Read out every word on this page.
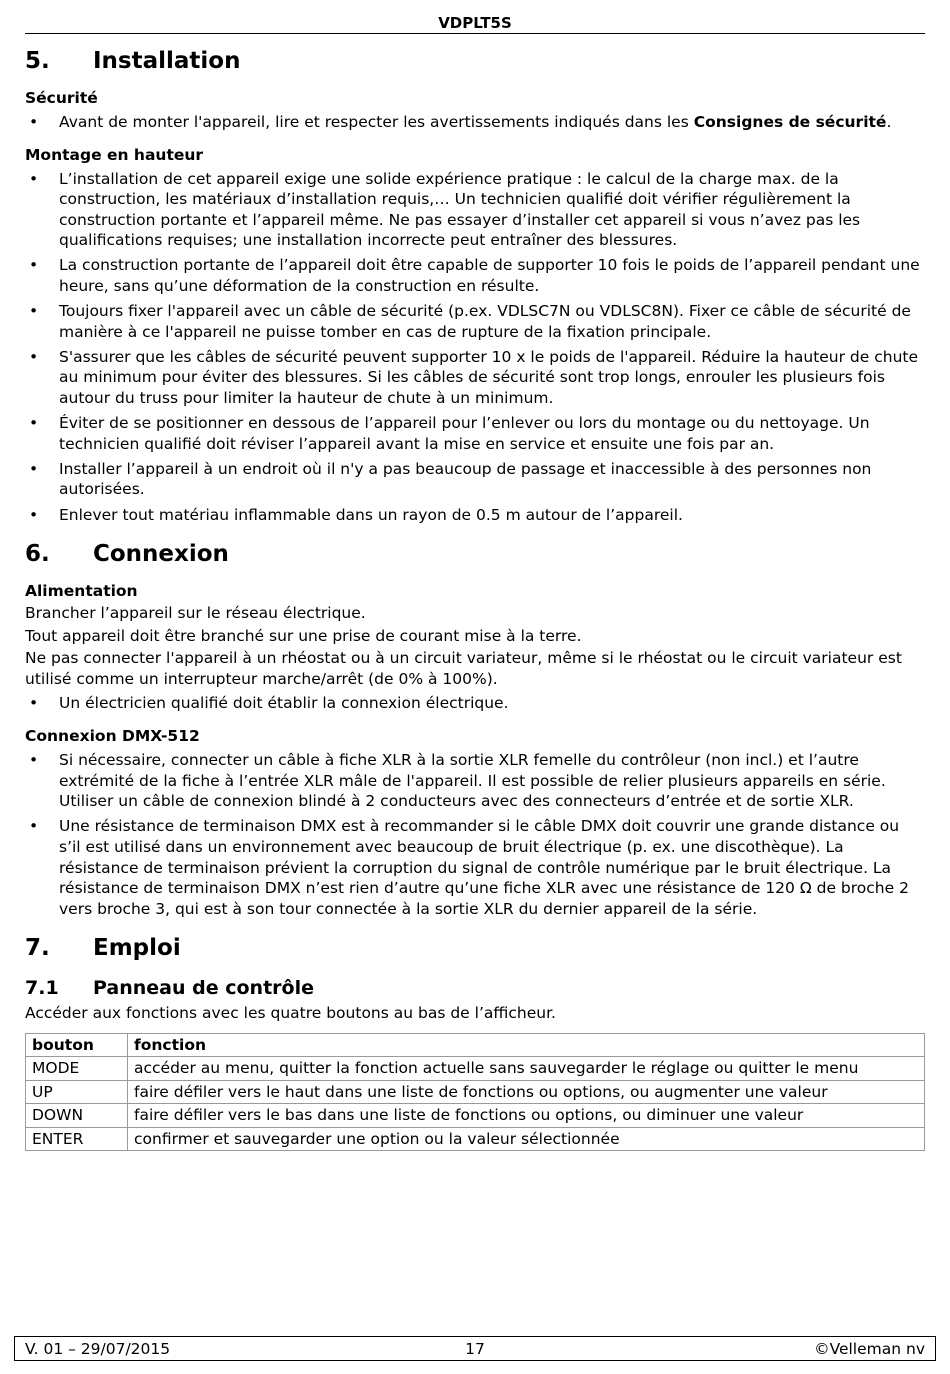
VDPLT5S
5. Installation
Sécurité
• Avant de monter l'appareil, lire et respecter les avertissements indiqués dans les Consignes de sécurité.
Montage en hauteur
• L’installation de cet appareil exige une solide expérience pratique : le calcul de la charge max. de la construction, les matériaux d’installation requis,… Un technicien qualifié doit vérifier régulièrement la construction portante et l’appareil même. Ne pas essayer d’installer cet appareil si vous n’avez pas les qualifications requises; une installation incorrecte peut entraîner des blessures.
• La construction portante de l’appareil doit être capable de supporter 10 fois le poids de l’appareil pendant une heure, sans qu’une déformation de la construction en résulte.
• Toujours fixer l'appareil avec un câble de sécurité (p.ex. VDLSC7N ou VDLSC8N). Fixer ce câble de sécurité de manière à ce l'appareil ne puisse tomber en cas de rupture de la fixation principale.
• S'assurer que les câbles de sécurité peuvent supporter 10 x le poids de l'appareil. Réduire la hauteur de chute au minimum pour éviter des blessures. Si les câbles de sécurité sont trop longs, enrouler les plusieurs fois autour du truss pour limiter la hauteur de chute à un minimum.
• Éviter de se positionner en dessous de l’appareil pour l’enlever ou lors du montage ou du nettoyage. Un technicien qualifié doit réviser l’appareil avant la mise en service et ensuite une fois par an.
• Installer l’appareil à un endroit où il n'y a pas beaucoup de passage et inaccessible à des personnes non autorisées.
• Enlever tout matériau inflammable dans un rayon de 0.5 m autour de l’appareil.
6. Connexion
Alimentation

Brancher l’appareil sur le réseau électrique.

Tout appareil doit être branché sur une prise de courant mise à la terre.

Ne pas connecter l'appareil à un rhéostat ou à un circuit variateur, même si le rhéostat ou le circuit variateur est utilisé comme un interrupteur marche/arrêt (de 0% à 100%).

• Un électricien qualifié doit établir la connexion électrique.
Connexion DMX-512
• Si nécessaire, connecter un câble à fiche XLR à la sortie XLR femelle du contrôleur (non incl.) et l’autre extrémité de la fiche à l’entrée XLR mâle de l'appareil. Il est possible de relier plusieurs appareils en série. Utiliser un câble de connexion blindé à 2 conducteurs avec des connecteurs d’entrée et de sortie XLR.
• Une résistance de terminaison DMX est à recommander si le câble DMX doit couvrir une grande distance ou s’il est utilisé dans un environnement avec beaucoup de bruit électrique (p. ex. une discothèque). La résistance de terminaison prévient la corruption du signal de contrôle numérique par le bruit électrique. La résistance de terminaison DMX n’est rien d’autre qu’une fiche XLR avec une résistance de 120 Ω de broche 2 vers broche 3, qui est à son tour connectée à la sortie XLR du dernier appareil de la série.
7. Emploi
7.1 Panneau de contrôle

Accéder aux fonctions avec les quatre boutons au bas de l’afficheur.

bouton	fonction
MODE	accéder au menu, quitter la fonction actuelle sans sauvegarder le réglage ou quitter le menu
UP	faire défiler vers le haut dans une liste de fonctions ou options, ou augmenter une valeur
DOWN	faire défiler vers le bas dans une liste de fonctions ou options, ou diminuer une valeur
ENTER	confirmer et sauvegarder une option ou la valeur sélectionnée
V. 01 – 29/07/2015	17	©Velleman nv
